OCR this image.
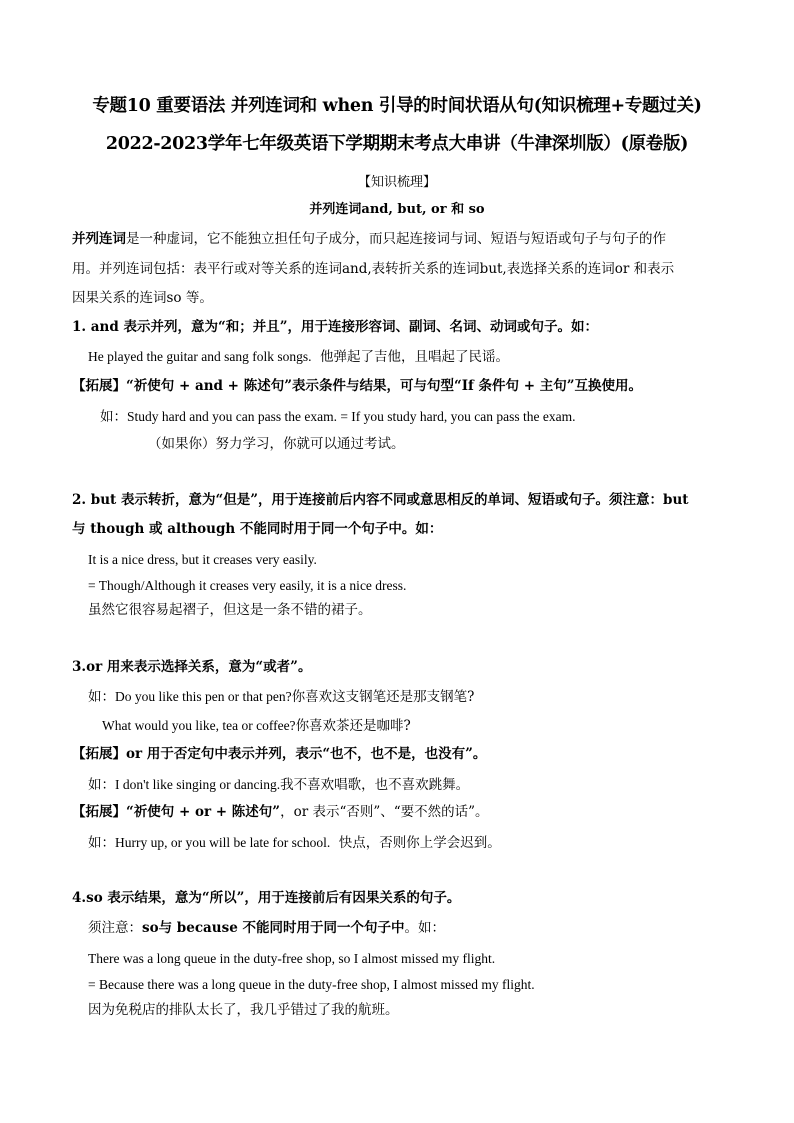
专题10 重要语法 并列连词和 when 引导的时间状语从句(知识梳理+专题过关)
2022-2023学年七年级英语下学期期末考点大串讲（牛津深圳版）(原卷版)
【知识梳理】
并列连词and, but, or 和 so
并列连词是一种虚词，它不能独立担任句子成分，而只起连接词与词、短语与短语或句子与句子的作
用。并列连词包括：表平行或对等关系的连词and,表转折关系的连词but,表选择关系的连词or 和表示
因果关系的连词so 等。
1. and 表示并列，意为“和；并且”，用于连接形容词、副词、名词、动词或句子。如：
He played the guitar and sang folk songs. 他弹起了吉他，且唱起了民谣。
【拓展】“祈使句 + and + 陈述句”表示条件与结果，可与句型“If 条件句 + 主句”互换使用。
如：Study hard and you can pass the exam. = If you study hard, you can pass the exam.
（如果你）努力学习，你就可以通过考试。
2. but 表示转折，意为“但是”，用于连接前后内容不同或意思相反的单词、短语或句子。须注意：but
与 though 或 although 不能同时用于同一个句子中。如：
It is a nice dress, but it creases very easily.
= Though/Although it creases very easily, it is a nice dress.
虽然它很容易起褶子，但这是一条不错的裙子。
3.or 用来表示选择关系，意为“或者”。
如：Do you like this pen or that pen?你喜欢这支钢笔还是那支钢笔?
What would you like, tea or coffee?你喜欢茶还是咖啡?
【拓展】or 用于否定句中表示并列，表示“也不，也不是，也没有”。
如：I don't like singing or dancing.我不喜欢唱歌，也不喜欢跳舞。
【拓展】“祈使句 + or + 陈述句”，or 表示“否则”、“要不然的话”。
如：Hurry up, or you will be late for school. 快点，否则你上学会迟到。
4.so 表示结果，意为“所以”，用于连接前后有因果关系的句子。
须注意：so与 because 不能同时用于同一个句子中。如：
There was a long queue in the duty-free shop, so I almost missed my flight.
= Because there was a long queue in the duty-free shop, I almost missed my flight.
因为免税店的排队太长了，我几乎错过了我的航班。
